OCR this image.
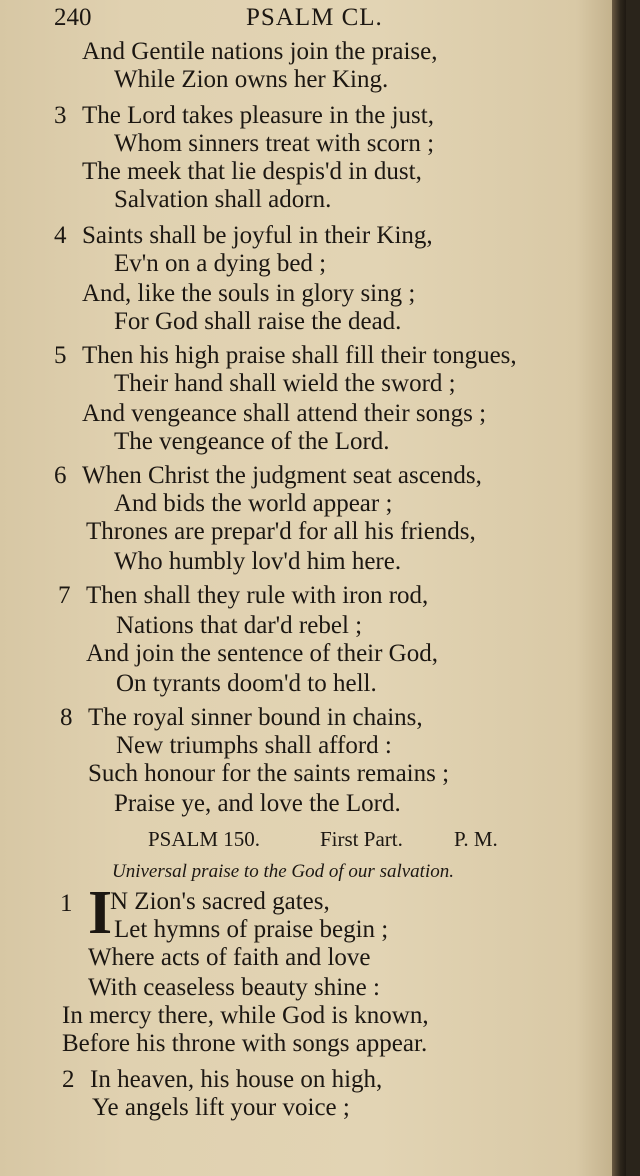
240	PSALM CL.
And Gentile nations join the praise,
While Zion owns her King.
3 The Lord takes pleasure in the just,
Whom sinners treat with scorn ;
The meek that lie despis'd in dust,
Salvation shall adorn.
4 Saints shall be joyful in their King,
Ev'n on a dying bed ;
And, like the souls in glory sing ;
For God shall raise the dead.
5 Then his high praise shall fill their tongues,
Their hand shall wield the sword ;
And vengeance shall attend their songs ;
The vengeance of the Lord.
6 When Christ the judgment seat ascends,
And bids the world appear ;
Thrones are prepar'd for all his friends,
Who humbly lov'd him here.
7 Then shall they rule with iron rod,
Nations that dar'd rebel ;
And join the sentence of their God,
On tyrants doom'd to hell.
8 The royal sinner bound in chains,
New triumphs shall afford :
Such honour for the saints remains ;
Praise ye, and love the Lord.
PSALM 150.	First Part. P. M.
Universal praise to the God of our salvation.
1 I
N Zion's sacred gates,
Let hymns of praise begin ;
Where acts of faith and love
With ceaseless beauty shine :
In mercy there, while God is known,
Before his throne with songs appear.
2 In heaven, his house on high,
Ye angels lift your voice ;
